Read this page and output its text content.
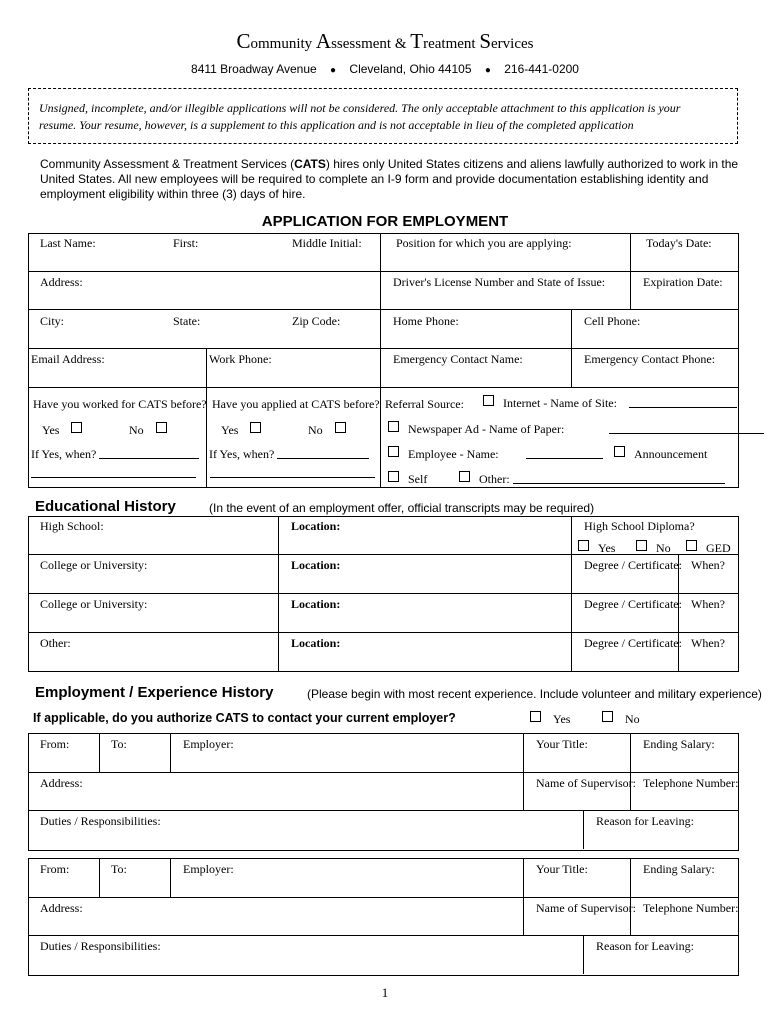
Community Assessment & Treatment Services
8411 Broadway Avenue ● Cleveland, Ohio 44105 ● 216-441-0200
Unsigned, incomplete, and/or illegible applications will not be considered. The only acceptable attachment to this application is your
resume. Your resume, however, is a supplement to this application and is not acceptable in lieu of the completed application
Community Assessment & Treatment Services (CATS) hires only United States citizens and aliens lawfully authorized to work in the
United States. All new employees will be required to complete an I-9 form and provide documentation establishing identity and
employment eligibility within three (3) days of hire.
APPLICATION FOR EMPLOYMENT
Last Name:	First:	Middle Initial:	Position for which you are applying:	Today's Date:
Address:	Driver's License Number and State of Issue:	Expiration Date:
City:	State:	Zip Code:	Home Phone:	Cell Phone:
Email Address:	Work Phone:	Emergency Contact Name:	Emergency Contact Phone:
Have you worked for CATS before?
Yes	No
If Yes, when?
Have you applied at CATS before?
Yes	No
If Yes, when?
Referral Source:	Internet - Name of Site:
Newspaper Ad - Name of Paper:
Employee - Name:	Announcement
Self	Other:
Educational History	(In the event of an employment offer, official transcripts may be required)
High School:	Location:	High School Diploma?
Yes	No	GED
College or University:	Location:	Degree / Certificate: When?
College or University:	Location:	Degree / Certificate: When?
Other:	Location:	Degree / Certificate: When?
Employment / Experience History	(Please begin with most recent experience. Include volunteer and military experience)
If applicable, do you authorize CATS to contact your current employer?	Yes	No
From:	To:	Employer:	Your Title:	Ending Salary:
Address:	Name of Supervisor: Telephone Number:
Duties / Responsibilities:	Reason for Leaving:
From:	To:	Employer:	Your Title:	Ending Salary:
Address:	Name of Supervisor: Telephone Number:
Duties / Responsibilities:	Reason for Leaving:
1
